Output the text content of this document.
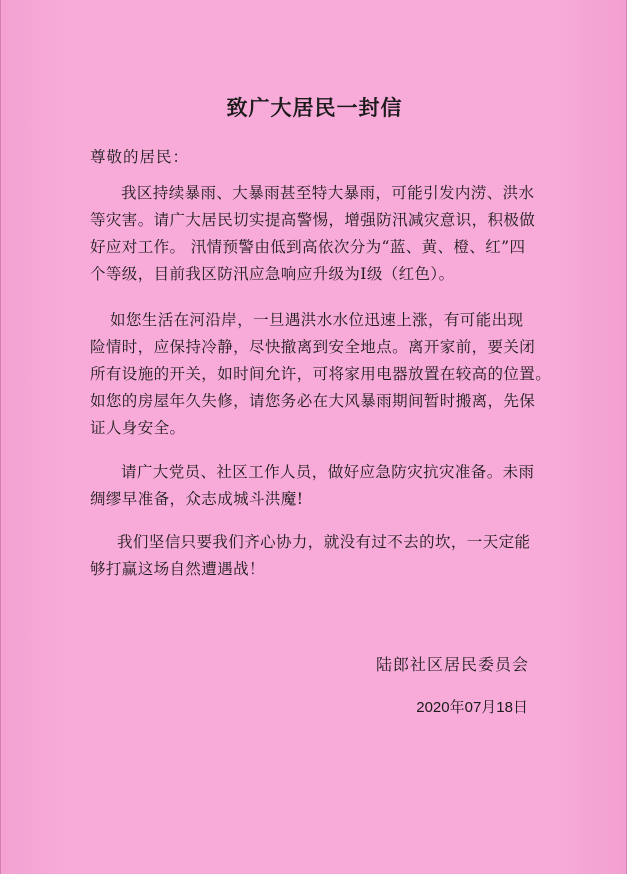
致广大居民一封信
尊敬的居民：
我区持续暴雨、大暴雨甚至特大暴雨，可能引发内涝、洪水
等灾害。请广大居民切实提高警惕，增强防汛减灾意识，积极做
好应对工作。 汛情预警由低到高依次分为“蓝、黄、橙、红”四
个等级，目前我区防汛应急响应升级为Ⅰ级（红色）。
如您生活在河沿岸，一旦遇洪水水位迅速上涨，有可能出现
险情时，应保持冷静，尽快撤离到安全地点。离开家前，要关闭
所有设施的开关，如时间允许，可将家用电器放置在较高的位置。
如您的房屋年久失修，请您务必在大风暴雨期间暂时搬离，先保
证人身安全。
请广大党员、社区工作人员，做好应急防灾抗灾准备。未雨
绸缪早准备，众志成城斗洪魔!
我们坚信只要我们齐心协力，就没有过不去的坎，一天定能
够打赢这场自然遭遇战！
陆郎社区居民委员会
2020年07月18日
